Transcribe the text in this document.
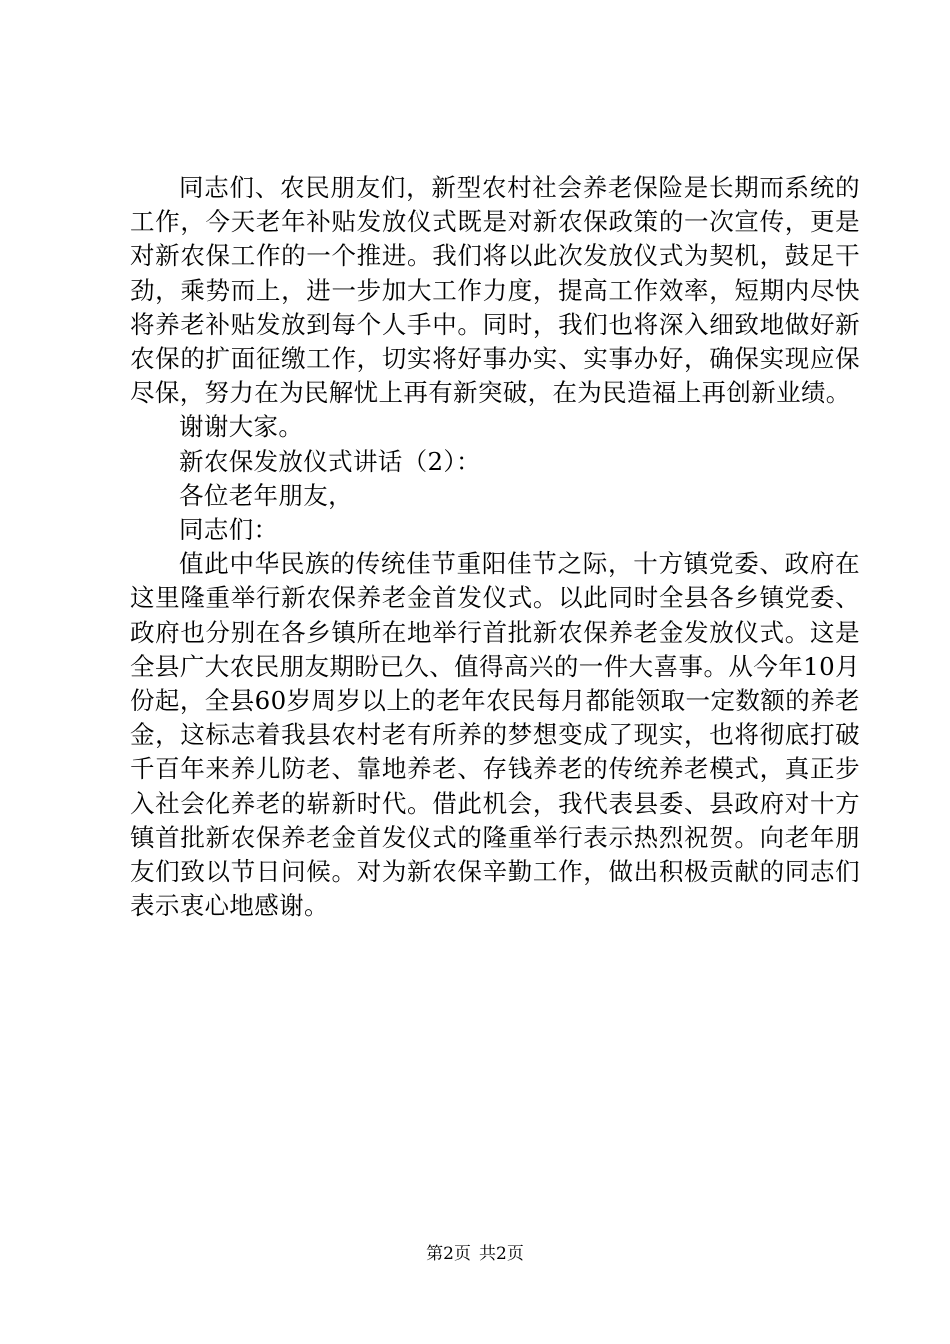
同志们、农民朋友们，新型农村社会养老保险是长期而系统的工作，今天老年补贴发放仪式既是对新农保政策的一次宣传，更是对新农保工作的一个推进。我们将以此次发放仪式为契机，鼓足干劲，乘势而上，进一步加大工作力度，提高工作效率，短期内尽快将养老补贴发放到每个人手中。同时，我们也将深入细致地做好新农保的扩面征缴工作，切实将好事办实、实事办好，确保实现应保尽保，努力在为民解忧上再有新突破，在为民造福上再创新业绩。

谢谢大家。

新农保发放仪式讲话（2）：

各位老年朋友，

同志们：

值此中华民族的传统佳节重阳佳节之际，十方镇党委、政府在这里隆重举行新农保养老金首发仪式。以此同时全县各乡镇党委、政府也分别在各乡镇所在地举行首批新农保养老金发放仪式。这是全县广大农民朋友期盼已久、值得高兴的一件大喜事。从今年10月份起，全县60岁周岁以上的老年农民每月都能领取一定数额的养老金，这标志着我县农村老有所养的梦想变成了现实，也将彻底打破千百年来养儿防老、靠地养老、存钱养老的传统养老模式，真正步入社会化养老的崭新时代。借此机会，我代表县委、县政府对十方镇首批新农保养老金首发仪式的隆重举行表示热烈祝贺。向老年朋友们致以节日问候。对为新农保辛勤工作，做出积极贡献的同志们表示衷心地感谢。

第2页 共2页
